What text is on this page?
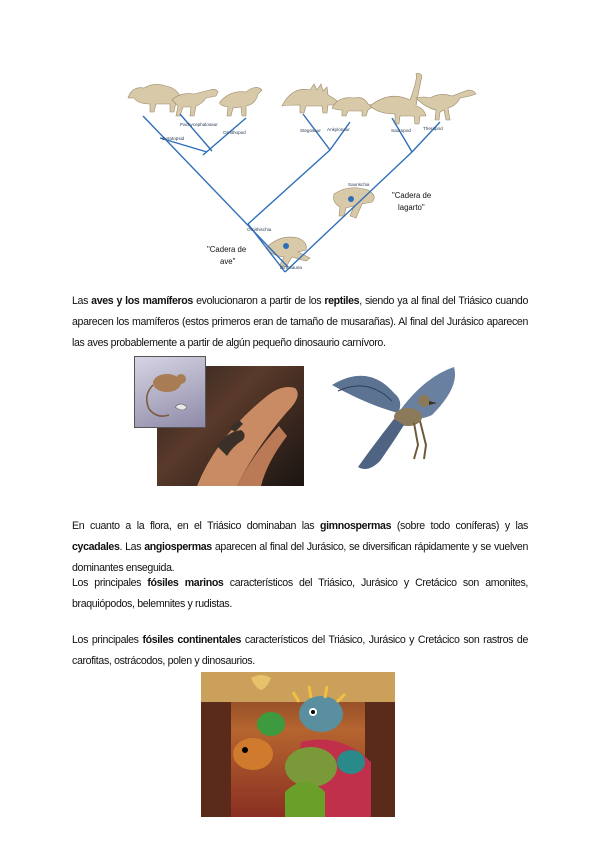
Ceratopsid
Pachycephalosaur
Ornithopod	Stegosaur Ankylosaur	Sauropod	Theropod
Saurischia
Ornithischia
Dinosauria
"Cadera de
lagarto"
"Cadera de
ave"
Las aves y los mamíferos evolucionaron a partir de los reptiles, siendo ya al final del Triásico cuando aparecen los mamíferos (estos primeros eran de tamaño de musarañas). Al final del Jurásico aparecen las aves probablemente a partir de algún pequeño dinosaurio carnívoro.
En cuanto a la flora, en el Triásico dominaban las gimnospermas (sobre todo coníferas) y las cycadales. Las angiospermas aparecen al final del Jurásico, se diversifican rápidamente y se vuelven dominantes enseguida.
Los principales fósiles marinos característicos del Triásico, Jurásico y Cretácico son amonites, braquiópodos, belemnites y rudistas.
Los principales fósiles continentales característicos del Triásico, Jurásico y Cretácico son rastros de carofitas, ostrácodos, polen y dinosaurios.
